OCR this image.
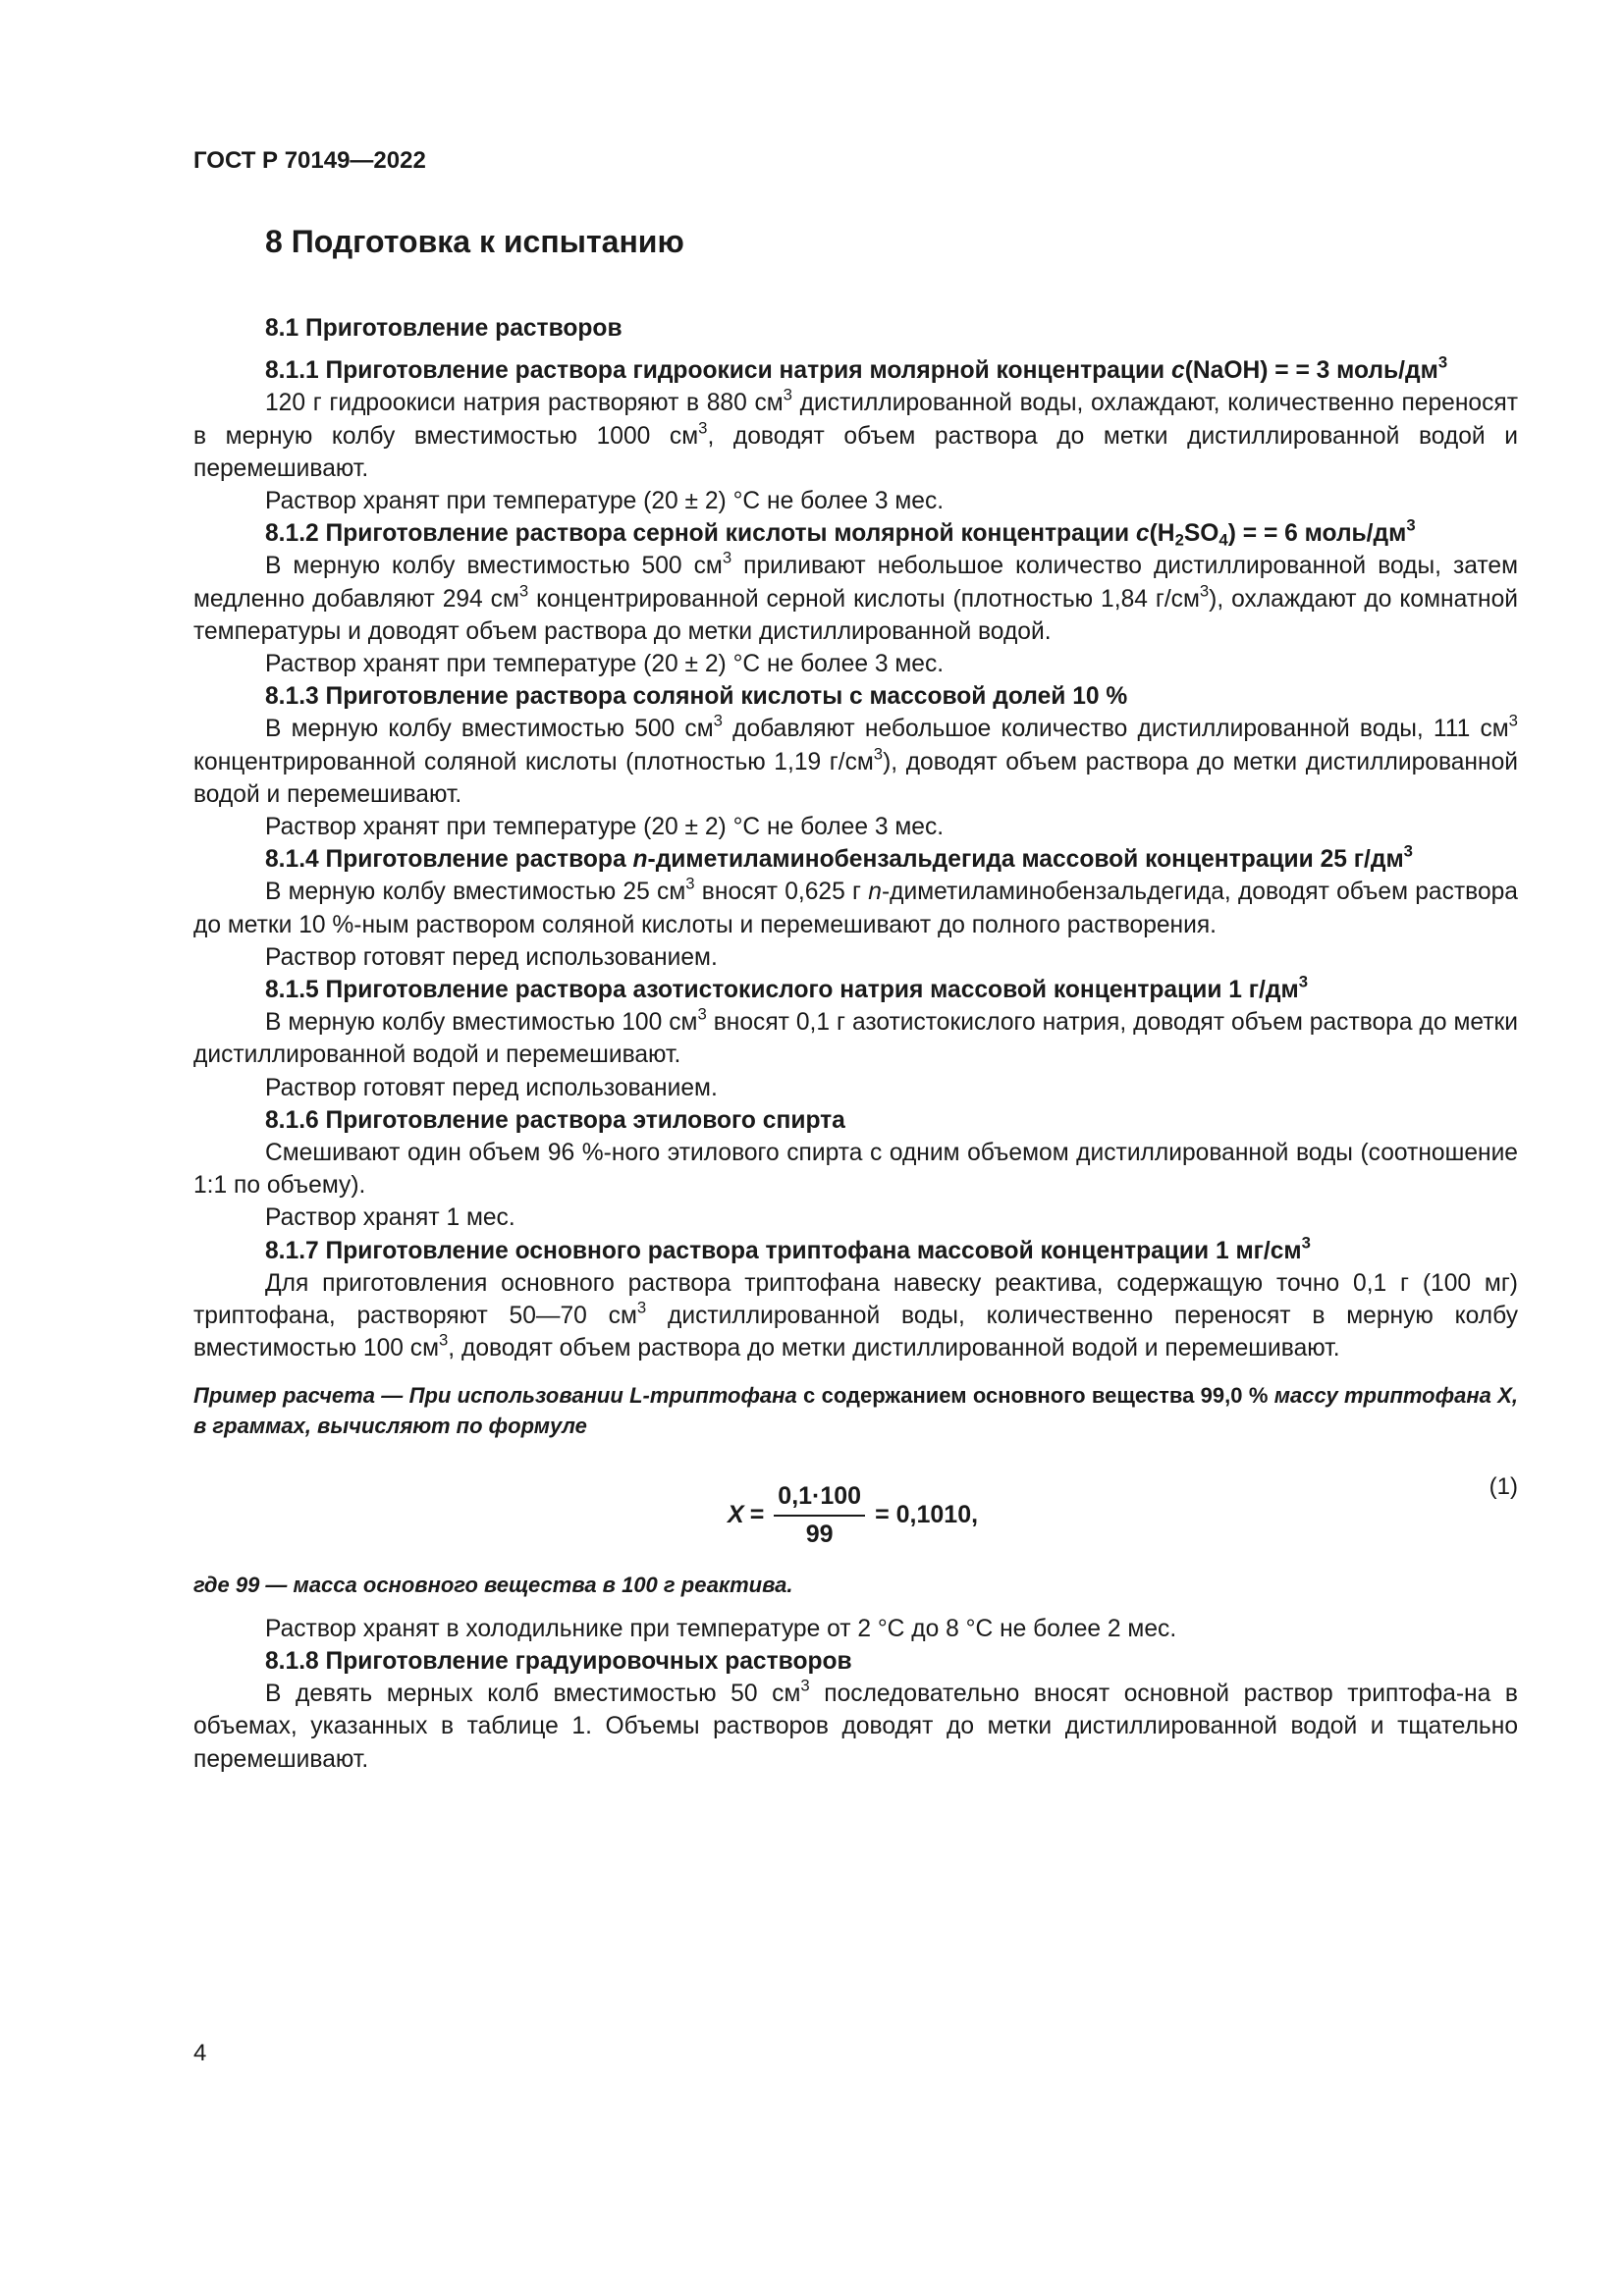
ГОСТ Р 70149—2022
8 Подготовка к испытанию

8.1 Приготовление растворов

8.1.1 Приготовление раствора гидроокиси натрия молярной концентрации c(NaOH) = = 3 моль/$дм^3$

120 г гидроокиси натрия растворяют в 880 $см^3$ дистиллированной воды, охлаждают, количественно переносят в мерную колбу вместимостью 1000 $см^3$, доводят объем раствора до метки дистиллированной водой и перемешивают.

Раствор хранят при температуре (20 ± 2) °С не более 3 мес.

8.1.2 Приготовление раствора серной кислоты молярной концентрации $c(H_2SO_4)$ = = 6 моль/$дм^3$

В мерную колбу вместимостью 500 $см^3$ приливают небольшое количество дистиллированной воды, затем медленно добавляют 294 $см^3$ концентрированной серной кислоты (плотностью 1,84 $г/см^3$), охлаждают до комнатной температуры и доводят объем раствора до метки дистиллированной водой.

Раствор хранят при температуре (20 ± 2) °С не более 3 мес.

8.1.3 Приготовление раствора соляной кислоты с массовой долей 10 %

В мерную колбу вместимостью 500 $см^3$ добавляют небольшое количество дистиллированной воды, 111 $см^3$ концентрированной соляной кислоты (плотностью 1,19 $г/см^3$), доводят объем раствора до метки дистиллированной водой и перемешивают.

Раствор хранят при температуре (20 ± 2) °С не более 3 мес.

8.1.4 Приготовление раствора n-диметиламинобензальдегида массовой концентрации 25 $г/дм^3$

В мерную колбу вместимостью 25 $см^3$ вносят 0,625 г n-диметиламинобензальдегида, доводят объем раствора до метки 10 %-ным раствором соляной кислоты и перемешивают до полного растворения.

Раствор готовят перед использованием.

8.1.5 Приготовление раствора азотистокислого натрия массовой концентрации 1 $г/дм^3$

В мерную колбу вместимостью 100 $см^3$ вносят 0,1 г азотистокислого натрия, доводят объем раствора до метки дистиллированной водой и перемешивают.

Раствор готовят перед использованием.

8.1.6 Приготовление раствора этилового спирта

Смешивают один объем 96 %-ного этилового спирта с одним объемом дистиллированной воды (соотношение 1:1 по объему).

Раствор хранят 1 мес.

8.1.7 Приготовление основного раствора триптофана массовой концентрации 1 $мг/см^3$

Для приготовления основного раствора триптофана навеску реактива, содержащую точно 0,1 г (100 мг) триптофана, растворяют 50—70 $см^3$ дистиллированной воды, количественно переносят в мерную колбу вместимостью 100 $см^3$, доводят объем раствора до метки дистиллированной водой и перемешивают.

Пример расчета — При использовании L-триптофана с содержанием основного вещества 99,0 % массу триптофана X, в граммах, вычисляют по формуле

$X = \frac{0,1\cdot 100}{99} = 0,1010$,
(1)

где 99 — масса основного вещества в 100 г реактива.

Раствор хранят в холодильнике при температуре от 2 °С до 8 °С не более 2 мес.

8.1.8 Приготовление градуировочных растворов

В девять мерных колб вместимостью 50 $см^3$ последовательно вносят основной раствор триптофа-на в объемах, указанных в таблице 1. Объемы растворов доводят до метки дистиллированной водой и тщательно перемешивают.

4
